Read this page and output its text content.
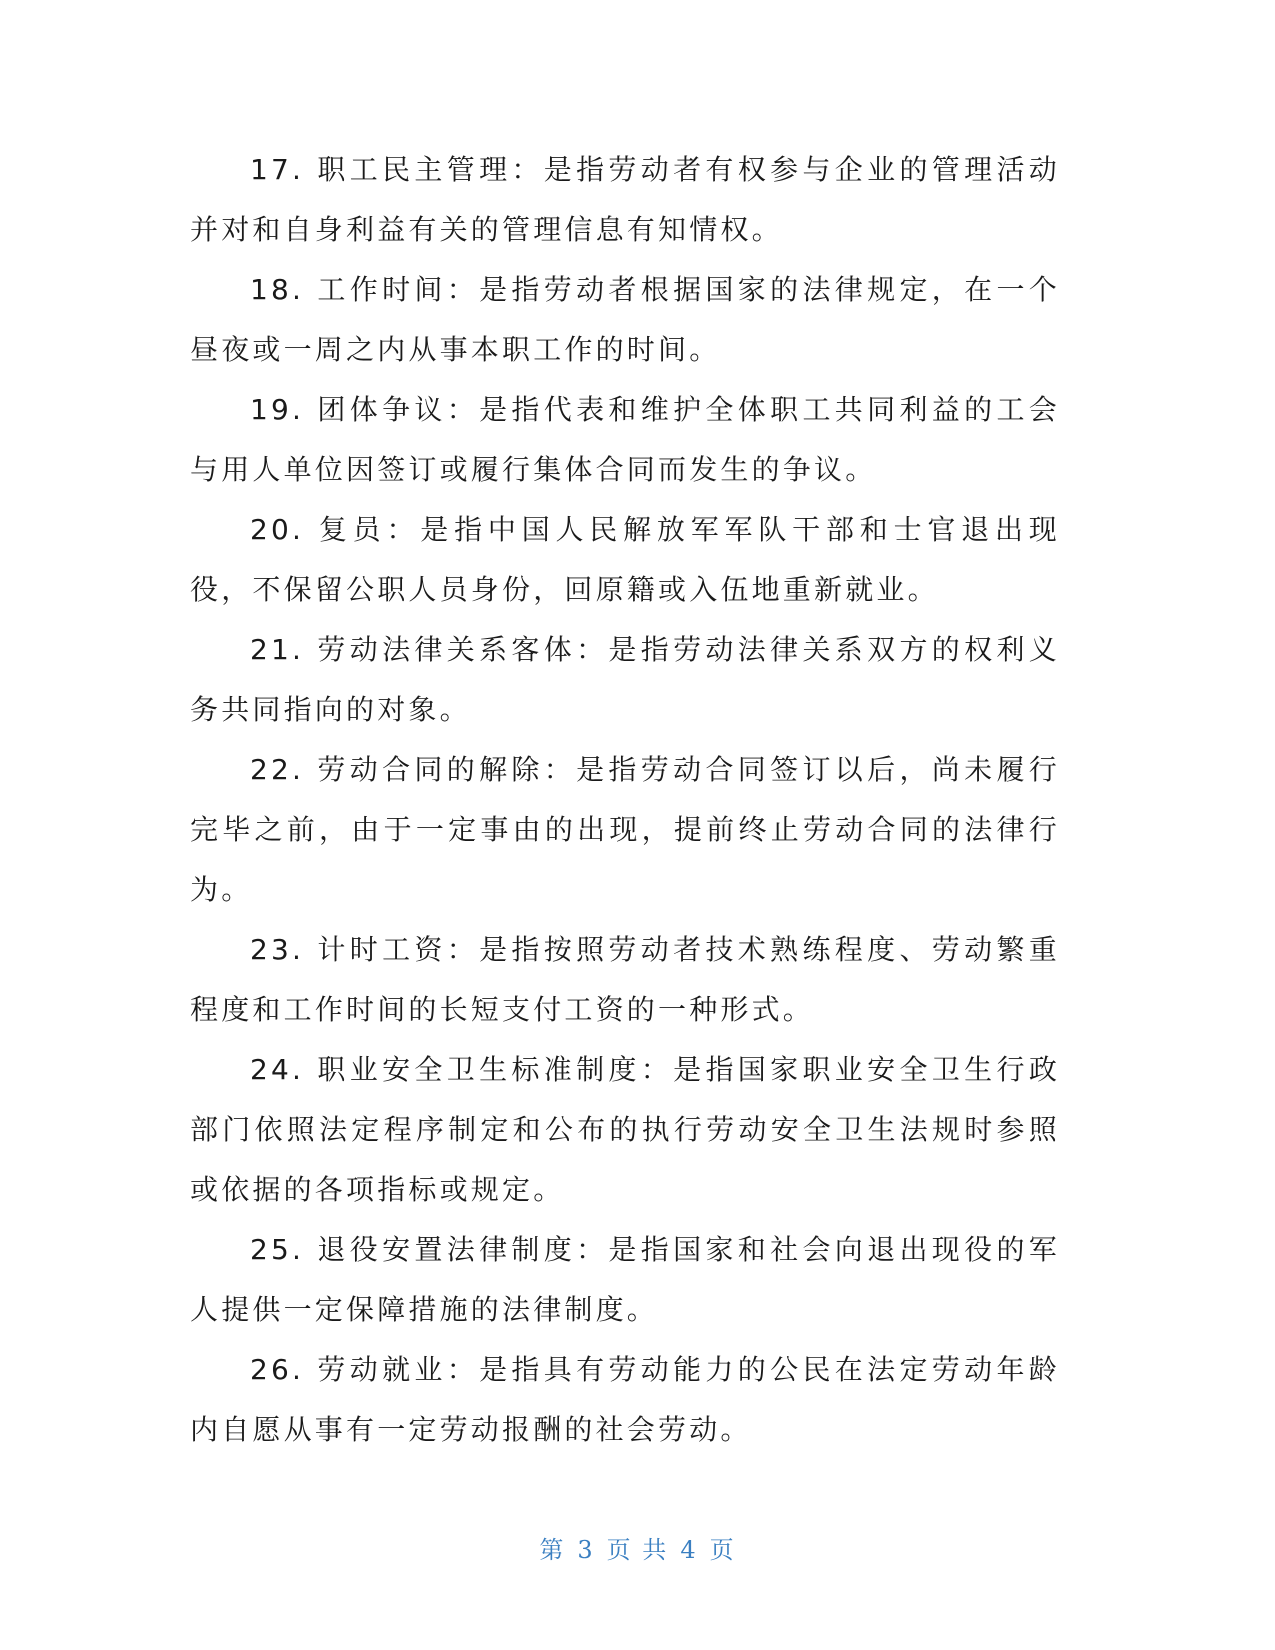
17. 职工民主管理：是指劳动者有权参与企业的管理活动并对和自身利益有关的管理信息有知情权。

18. 工作时间：是指劳动者根据国家的法律规定，在一个昼夜或一周之内从事本职工作的时间。

19. 团体争议：是指代表和维护全体职工共同利益的工会与用人单位因签订或履行集体合同而发生的争议。

20. 复员：是指中国人民解放军军队干部和士官退出现役，不保留公职人员身份，回原籍或入伍地重新就业。

21. 劳动法律关系客体：是指劳动法律关系双方的权利义务共同指向的对象。

22. 劳动合同的解除：是指劳动合同签订以后，尚未履行完毕之前，由于一定事由的出现，提前终止劳动合同的法律行为。

23. 计时工资：是指按照劳动者技术熟练程度、劳动繁重程度和工作时间的长短支付工资的一种形式。

24. 职业安全卫生标准制度：是指国家职业安全卫生行政部门依照法定程序制定和公布的执行劳动安全卫生法规时参照或依据的各项指标或规定。

25. 退役安置法律制度：是指国家和社会向退出现役的军人提供一定保障措施的法律制度。

26. 劳动就业：是指具有劳动能力的公民在法定劳动年龄内自愿从事有一定劳动报酬的社会劳动。

第 3 页 共 4 页
